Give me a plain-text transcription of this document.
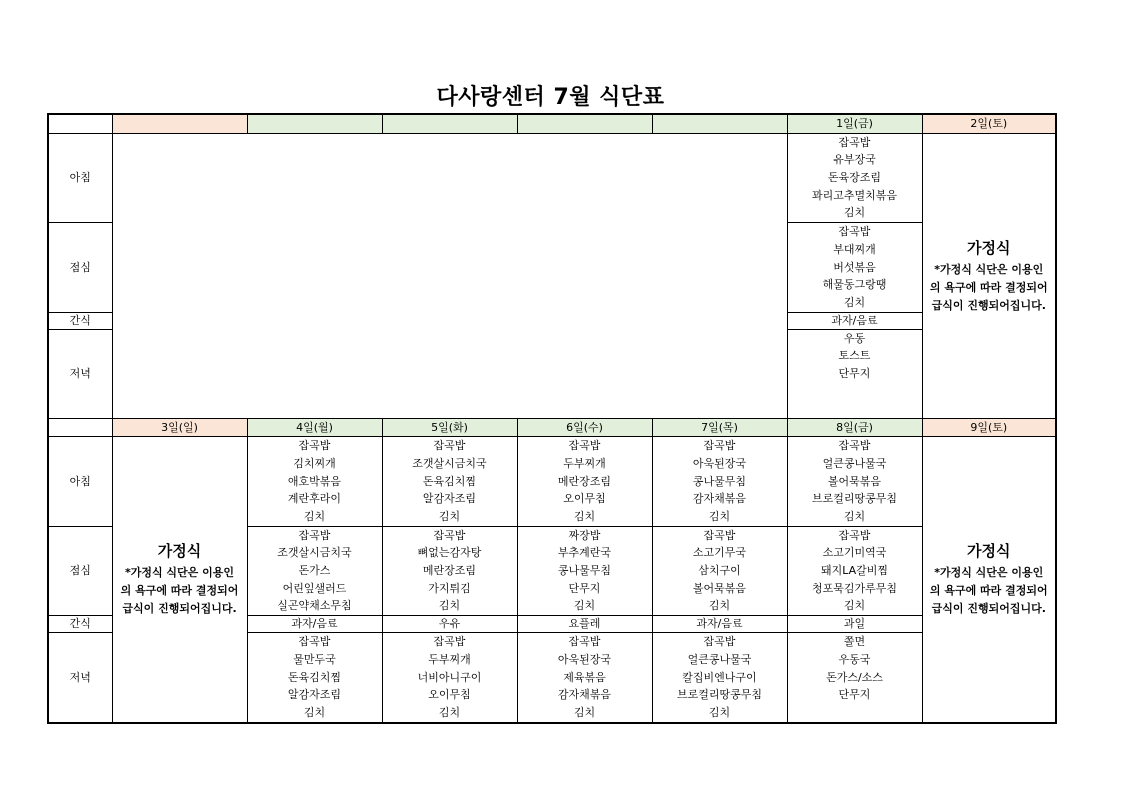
다사랑센터 7월 식단표
						1일(금)	2일(토)
아침						잡곡밥
유부장국
돈육장조림
꽈리고추멸치볶음
김치	가정식
*가정식 식단은 이용인
의 욕구에 따라 결정되어
급식이 진행되어집니다.

점심						잡곡밥
부대찌개
버섯볶음
해물동그랑땡
김치	

간식						과자/음료	
저녁						우동
토스트
단무지	

	3일(일)	4일(월)	5일(화)	6일(수)	7일(목)	8일(금)	9일(토)
아침	가정식
*가정식 식단은 이용인
의 욕구에 따라 결정되어
급식이 진행되어집니다.	잡곡밥
김치찌개
애호박볶음
계란후라이
김치	잡곡밥
조갯살시금치국
돈육김치찜
알감자조림
김치	잡곡밥
두부찌개
메란장조림
오이무침
김치	잡곡밥
아욱된장국
콩나물무침
감자채볶음
김치	잡곡밥
얼큰콩나물국
볼어묵볶음
브로컬리땅콩무침
김치	가정식
*가정식 식단은 이용인
의 욕구에 따라 결정되어
급식이 진행되어집니다.

점심		잡곡밥
조갯살시금치국
돈가스
어린잎샐러드
실곤약채소무침	잡곡밥
뼈없는감자탕
메란장조림
가지튀김
김치	짜장밥
부추계란국
콩나물무침
단무지
김치	잡곡밥
소고기무국
삼치구이
볼어묵볶음
김치	잡곡밥
소고기미역국
돼지LA갈비찜
청포묵김가루무침
김치	

간식		과자/음료	우유	요플레	과자/음료	과일	
저녁		잡곡밥
물만두국
돈육김치찜
알감자조림
김치	잡곡밥
두부찌개
너비아니구이
오이무침
김치	잡곡밥
아욱된장국
제육볶음
감자채볶음
김치	잡곡밥
얼큰콩나물국
칼집비엔나구이
브로컬리땅콩무침
김치	쫄면
우동국
돈가스/소스
단무지	
